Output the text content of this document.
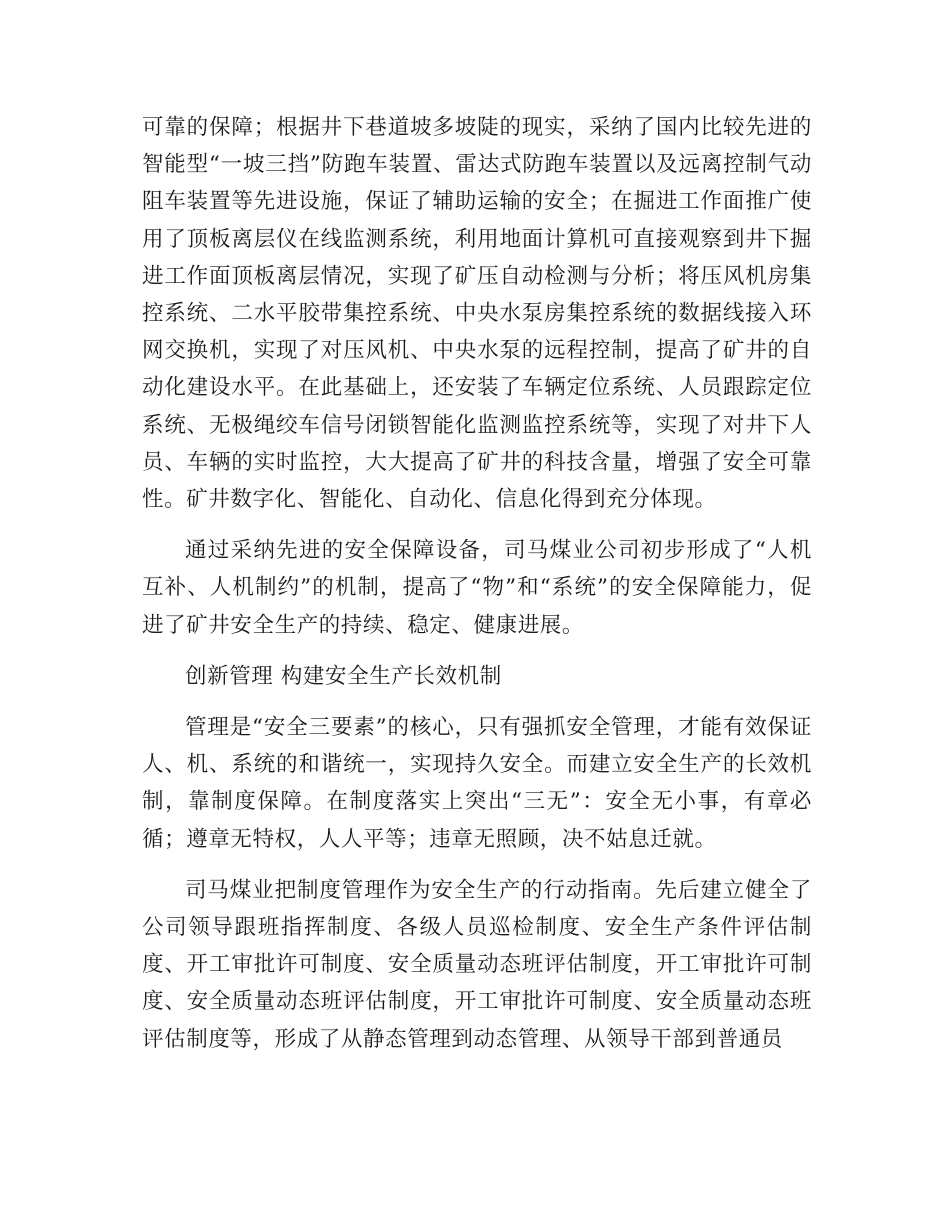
可靠的保障；根据井下巷道坡多坡陡的现实，采纳了国内比较先进的智能型“一坡三挡”防跑车装置、雷达式防跑车装置以及远离控制气动阻车装置等先进设施，保证了辅助运输的安全；在掘进工作面推广使用了顶板离层仪在线监测系统，利用地面计算机可直接观察到井下掘进工作面顶板离层情况，实现了矿压自动检测与分析；将压风机房集控系统、二水平胶带集控系统、中央水泵房集控系统的数据线接入环网交换机，实现了对压风机、中央水泵的远程控制，提高了矿井的自动化建设水平。在此基础上，还安装了车辆定位系统、人员跟踪定位系统、无极绳绞车信号闭锁智能化监测监控系统等，实现了对井下人员、车辆的实时监控，大大提高了矿井的科技含量，增强了安全可靠性。矿井数字化、智能化、自动化、信息化得到充分体现。

通过采纳先进的安全保障设备，司马煤业公司初步形成了“人机互补、人机制约”的机制，提高了“物”和“系统”的安全保障能力，促进了矿井安全生产的持续、稳定、健康进展。

创新管理 构建安全生产长效机制

管理是“安全三要素”的核心，只有强抓安全管理，才能有效保证人、机、系统的和谐统一，实现持久安全。而建立安全生产的长效机制，靠制度保障。在制度落实上突出“三无”：安全无小事，有章必循；遵章无特权，人人平等；违章无照顾，决不姑息迁就。

司马煤业把制度管理作为安全生产的行动指南。先后建立健全了公司领导跟班指挥制度、各级人员巡检制度、安全生产条件评估制度、开工审批许可制度、安全质量动态班评估制度，开工审批许可制度、安全质量动态班评估制度，开工审批许可制度、安全质量动态班评估制度等，形成了从静态管理到动态管理、从领导干部到普通员
